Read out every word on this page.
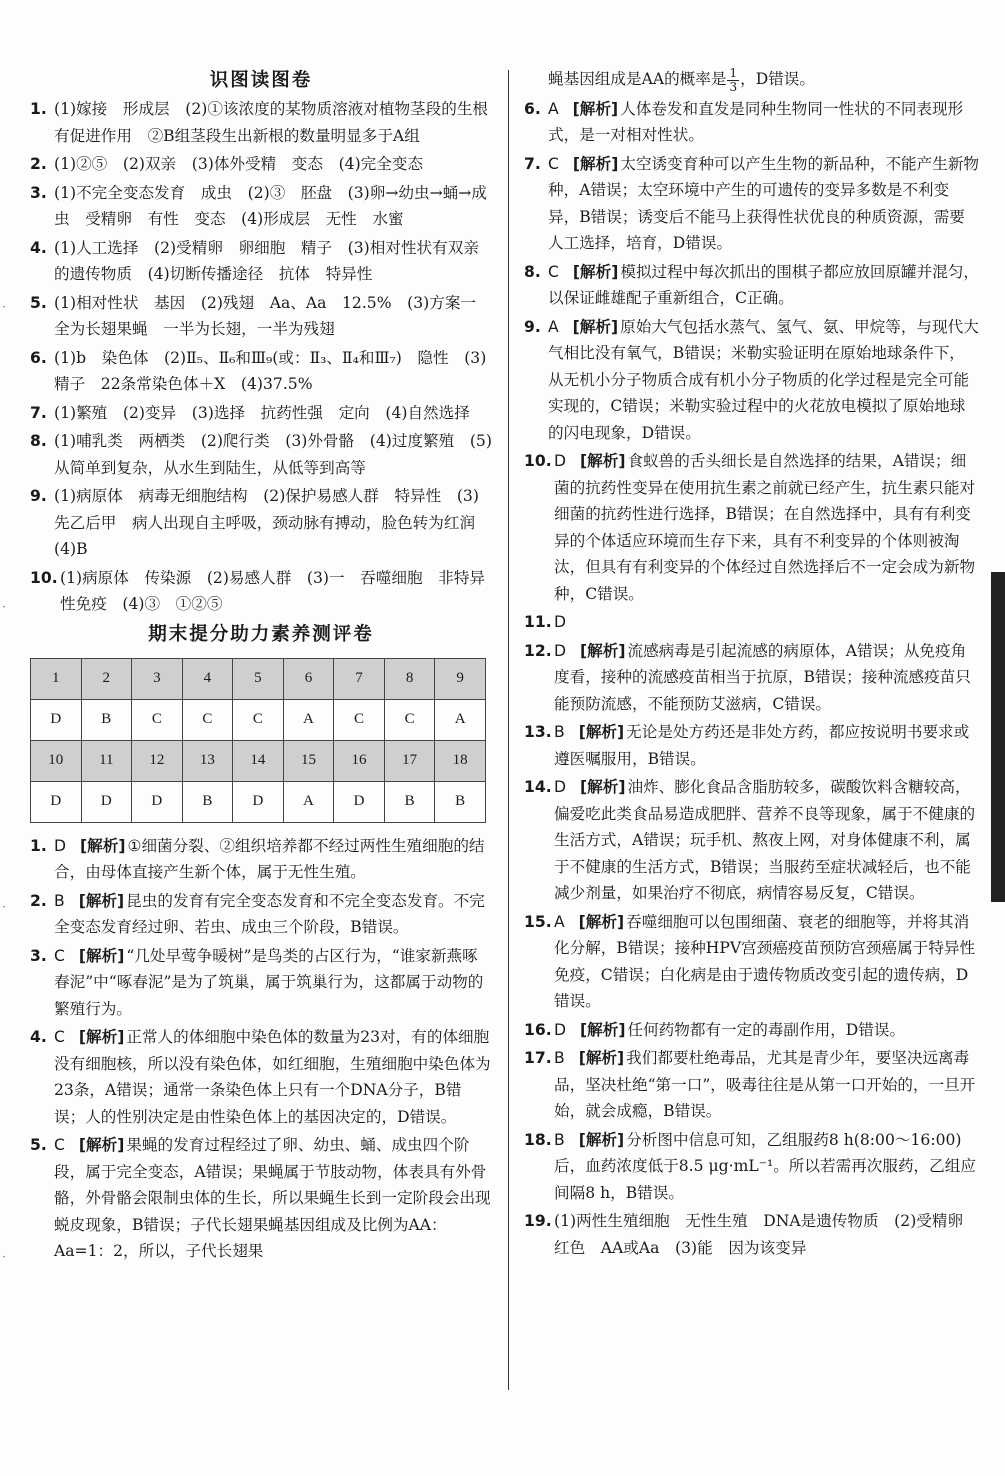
·
·
·
·
识图读图卷
1. (1)嫁接　形成层　(2)①该浓度的某物质溶液对植物茎段的生根有促进作用　②B组茎段生出新根的数量明显多于A组
2. (1)②⑤　(2)双亲　(3)体外受精　变态　(4)完全变态
3. (1)不完全变态发育　成虫　(2)③　胚盘　(3)卵→幼虫→蛹→成虫　受精卵　有性　变态　(4)形成层　无性　水蜜
4. (1)人工选择　(2)受精卵　卵细胞　精子　(3)相对性状有双亲的遗传物质　(4)切断传播途径　抗体　特异性
5. (1)相对性状　基因　(2)残翅　Aa、Aa　12.5%　(3)方案一　全为长翅果蝇　一半为长翅，一半为残翅
6. (1)b　染色体　(2)Ⅱ₅、Ⅱ₆和Ⅲ₉(或：Ⅱ₃、Ⅱ₄和Ⅲ₇)　隐性　(3)精子　22条常染色体＋X　(4)37.5%
7. (1)繁殖　(2)变异　(3)选择　抗药性强　定向　(4)自然选择
8. (1)哺乳类　两栖类　(2)爬行类　(3)外骨骼　(4)过度繁殖　(5)从简单到复杂，从水生到陆生，从低等到高等
9. (1)病原体　病毒无细胞结构　(2)保护易感人群　特异性　(3)先乙后甲　病人出现自主呼吸，颈动脉有搏动，脸色转为红润　(4)B
10. (1)病原体　传染源　(2)易感人群　(3)一　吞噬细胞　非特异性免疫　(4)③　①②⑤
期末提分助力素养测评卷
1	2	3	4	5	6	7	8	9
D	B	C	C	C	A	C	C	A
10	11	12	13	14	15	16	17	18
D	D	D	B	D	A	D	B	B
1. D [解析] ①细菌分裂、②组织培养都不经过两性生殖细胞的结合，由母体直接产生新个体，属于无性生殖。
2. B [解析] 昆虫的发育有完全变态发育和不完全变态发育。不完全变态发育经过卵、若虫、成虫三个阶段，B错误。
3. C [解析] “几处早莺争暖树”是鸟类的占区行为，“谁家新燕啄春泥”中“啄春泥”是为了筑巢，属于筑巢行为，这都属于动物的繁殖行为。
4. C [解析] 正常人的体细胞中染色体的数量为23对，有的体细胞没有细胞核，所以没有染色体，如红细胞，生殖细胞中染色体为23条，A错误；通常一条染色体上只有一个DNA分子，B错误；人的性别决定是由性染色体上的基因决定的，D错误。
5. C [解析] 果蝇的发育过程经过了卵、幼虫、蛹、成虫四个阶段，属于完全变态，A错误；果蝇属于节肢动物，体表具有外骨骼，外骨骼会限制虫体的生长，所以果蝇生长到一定阶段会出现蜕皮现象，B错误；子代长翅果蝇基因组成及比例为AA：Aa=1：2，所以，子代长翅果
蝇基因组成是AA的概率是 $\frac{1}{3}$ ，D错误。
6. A [解析] 人体卷发和直发是同种生物同一性状的不同表现形式，是一对相对性状。
7. C [解析] 太空诱变育种可以产生生物的新品种，不能产生新物种，A错误；太空环境中产生的可遗传的变异多数是不利变异，B错误；诱变后不能马上获得性状优良的种质资源，需要人工选择，培育，D错误。
8. C [解析] 模拟过程中每次抓出的围棋子都应放回原罐并混匀，以保证雌雄配子重新组合，C正确。
9. A [解析] 原始大气包括水蒸气、氢气、氨、甲烷等，与现代大气相比没有氧气，B错误；米勒实验证明在原始地球条件下，从无机小分子物质合成有机小分子物质的化学过程是完全可能实现的，C错误；米勒实验过程中的火花放电模拟了原始地球的闪电现象，D错误。
10. D [解析] 食蚁兽的舌头细长是自然选择的结果，A错误；细菌的抗药性变异在使用抗生素之前就已经产生，抗生素只能对细菌的抗药性进行选择，B错误；在自然选择中，具有有利变异的个体适应环境而生存下来，具有不利变异的个体则被淘汰，但具有有利变异的个体经过自然选择后不一定会成为新物种，C错误。
11. D
12. D [解析] 流感病毒是引起流感的病原体，A错误；从免疫角度看，接种的流感疫苗相当于抗原，B错误；接种流感疫苗只能预防流感，不能预防艾滋病，C错误。
13. B [解析] 无论是处方药还是非处方药，都应按说明书要求或遵医嘱服用，B错误。
14. D [解析] 油炸、膨化食品含脂肪较多，碳酸饮料含糖较高，偏爱吃此类食品易造成肥胖、营养不良等现象，属于不健康的生活方式，A错误；玩手机、熬夜上网，对身体健康不利，属于不健康的生活方式，B错误；当服药至症状减轻后，也不能减少剂量，如果治疗不彻底，病情容易反复，C错误。
15. A [解析] 吞噬细胞可以包围细菌、衰老的细胞等，并将其消化分解，B错误；接种HPV宫颈癌疫苗预防宫颈癌属于特异性免疫，C错误；白化病是由于遗传物质改变引起的遗传病，D错误。
16. D [解析] 任何药物都有一定的毒副作用，D错误。
17. B [解析] 我们都要杜绝毒品，尤其是青少年，要坚决远离毒品，坚决杜绝“第一口”，吸毒往往是从第一口开始的，一旦开始，就会成瘾，B错误。
18. B [解析] 分析图中信息可知，乙组服药8 h(8:00～16:00)后，血药浓度低于8.5 μg·mL⁻¹。所以若需再次服药，乙组应间隔8 h，B错误。
19. (1)两性生殖细胞　无性生殖　DNA是遗传物质　(2)受精卵　红色　AA或Aa　(3)能　因为该变异
